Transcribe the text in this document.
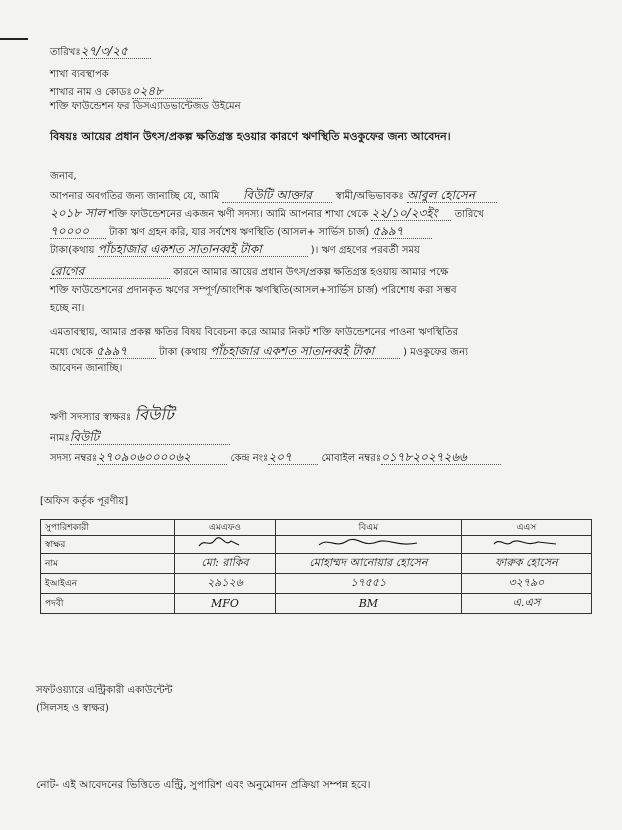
তারিখঃ২৭/৩/২৫
শাখা ব্যবস্থাপক
শাখার নাম ও কোডঃ০২৪৮
শক্তি ফাউন্ডেশন ফর ডিসএ্যাডভান্টেজড উইমেন
বিষয়ঃ আয়ের প্রধান উৎস/প্রকল্প ক্ষতিগ্রস্ত হওয়ার কারণে ঋণস্থিতি মওকুফের জন্য আবেদন।
জনাব,
আপনার অবগতির জন্য জানাচ্ছি যে, আমি বিউটি আক্তার স্বামী/অভিভাবকঃ আবুল হোসেন
২০১৮ সাল শক্তি ফাউন্ডেশনের একজন ঋণী সদস্য। আমি আপনার শাখা থেকে ২২/১০/২৩ইং তারিখে
৭০০০০ টাকা ঋণ গ্রহন করি, যার সর্বশেষ ঋণস্থিতি (আসল+ সার্ভিস চার্জ) ৫৯৯৭
টাকা(কথায় পাঁচহাজার একশত সাতানব্বই টাকা	)। ঋণ গ্রহণের পরবর্তী সময়
রোগের	কারনে আমার আয়ের প্রধান উৎস/প্রকল্প ক্ষতিগ্রস্ত হওয়ায় আমার পক্ষে
শক্তি ফাউন্ডেশনের প্রদানকৃত ঋণের সম্পূর্ণ/আংশিক ঋণস্থিতি(আসল+সার্ভিস চার্জ) পরিশোধ করা সম্ভব
হচ্ছে না।
এমতাবস্থায়, আমার প্রকল্প ক্ষতির বিষয় বিবেচনা করে আমার নিকট শক্তি ফাউন্ডেশনের পাওনা ঋণস্থিতির
মধ্যে থেকে ৫৯৯৭	টাকা (কথায় পাঁচহাজার একশত সাতানব্বই টাকা	) মওকুফের জন্য
আবেদন জানাচ্ছি।
ঋণী সদস্যার স্বাক্ষরঃ বিউটি
নামঃবিউটি
সদস্য নম্বরঃ২৭০৯০৬০০০০৬২	কেন্দ্র নংঃ২০৭	মোবাইল নম্বরঃ০১৭৮২০২৭২৬৬
[অফিস কর্তৃক পূরণীয়]
সুপারিশকারী	এমএফও	বিএম	এএস
স্বাক্ষর			
নাম	মো: রাকিব	মোহাম্মদ আনোয়ার হোসেন	ফারুক হোসেন
ইআইএন	২৯১২৬	১৭৫৫১	৩২৭৯০
পদবী	MFO	BM	এ.এস
সফটওয়্যারে এন্ট্রিকারী একাউন্টেন্ট
(সিলসহ ও স্বাক্ষর)
নোট- এই আবেদনের ভিত্তিতে এন্ট্রি, সুপারিশ এবং অনুমোদন প্রক্রিয়া সম্পন্ন হবে।
